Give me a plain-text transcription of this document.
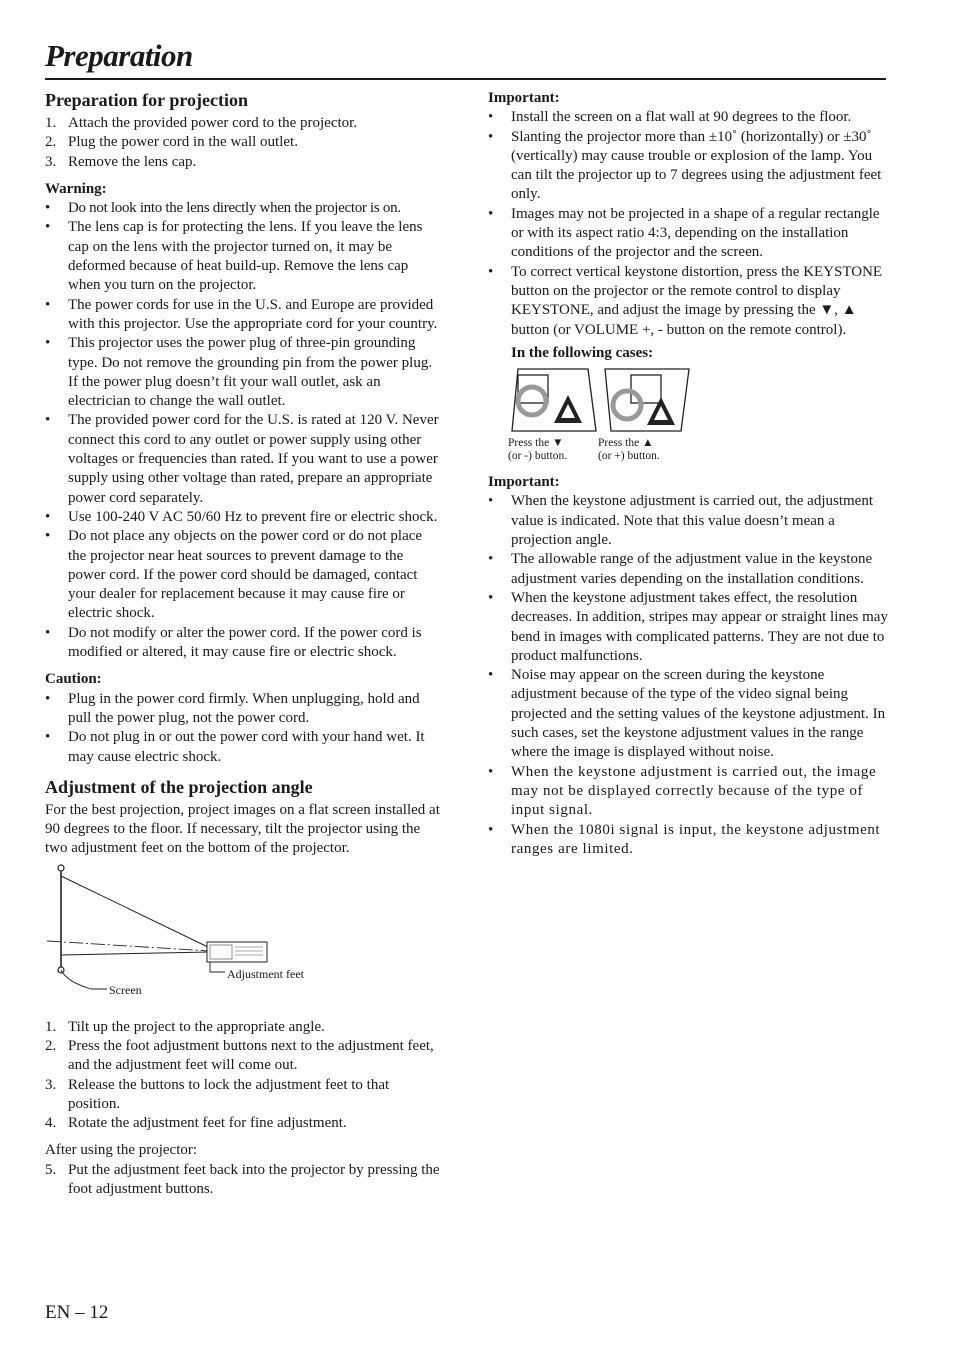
Preparation
Preparation for projection
1. Attach the provided power cord to the projector.
2. Plug the power cord in the wall outlet.
3. Remove the lens cap.

Warning:

• Do not look into the lens directly when the projector is on.
• The lens cap is for protecting the lens. If you leave the lens cap on the lens with the projector turned on, it may be deformed because of heat build-up. Remove the lens cap when you turn on the projector.
• The power cords for use in the U.S. and Europe are provided with this projector. Use the appropriate cord for your country.
• This projector uses the power plug of three-pin grounding type. Do not remove the grounding pin from the power plug. If the power plug doesn’t fit your wall outlet, ask an electrician to change the wall outlet.
• The provided power cord for the U.S. is rated at 120 V. Never connect this cord to any outlet or power supply using other voltages or frequencies than rated. If you want to use a power supply using other voltage than rated, prepare an appropriate power cord separately.
• Use 100-240 V AC 50/60 Hz to prevent fire or electric shock.
• Do not place any objects on the power cord or do not place the projector near heat sources to prevent damage to the power cord. If the power cord should be damaged, contact your dealer for replacement because it may cause fire or electric shock.
• Do not modify or alter the power cord. If the power cord is modified or altered, it may cause fire or electric shock.

Caution:

• Plug in the power cord firmly. When unplugging, hold and pull the power plug, not the power cord.
• Do not plug in or out the power cord with your hand wet. It may cause electric shock.
Adjustment of the projection angle

For the best projection, project images on a flat screen installed at 90 degrees to the floor. If necessary, tilt the projector using the two adjustment feet on the bottom of the projector.

Screen
Adjustment feet
1. Tilt up the project to the appropriate angle.
2. Press the foot adjustment buttons next to the adjustment feet, and the adjustment feet will come out.
3. Release the buttons to lock the adjustment feet to that position.
4. Rotate the adjustment feet for fine adjustment.

After using the projector:

5. Put the adjustment feet back into the projector by pressing the foot adjustment buttons.

Important:

• Install the screen on a flat wall at 90 degrees to the floor.
• Slanting the projector more than ±10˚ (horizontally) or ±30˚ (vertically) may cause trouble or explosion of the lamp. You can tilt the projector up to 7 degrees using the adjustment feet only.
• Images may not be projected in a shape of a regular rectangle or with its aspect ratio 4:3, depending on the installation conditions of the projector and the screen.
• To correct vertical keystone distortion, press the KEYSTONE button on the projector or the remote control to display KEYSTONE, and adjust the image by pressing the ▼, ▲ button (or VOLUME +, - button on the remote control).

In the following cases:

Press the ▼
(or -) button.
Press the ▲
(or +) button.

Important:

• When the keystone adjustment is carried out, the adjustment value is indicated. Note that this value doesn’t mean a projection angle.
• The allowable range of the adjustment value in the keystone adjustment varies depending on the installation conditions.
• When the keystone adjustment takes effect, the resolution decreases. In addition, stripes may appear or straight lines may bend in images with complicated patterns. They are not due to product malfunctions.
• Noise may appear on the screen during the keystone adjustment because of the type of the video signal being projected and the setting values of the keystone adjustment. In such cases, set the keystone adjustment values in the range where the image is displayed without noise.
• When the keystone adjustment is carried out, the image may not be displayed correctly because of the type of input signal.
• When the 1080i signal is input, the keystone adjustment ranges are limited.
EN – 12
